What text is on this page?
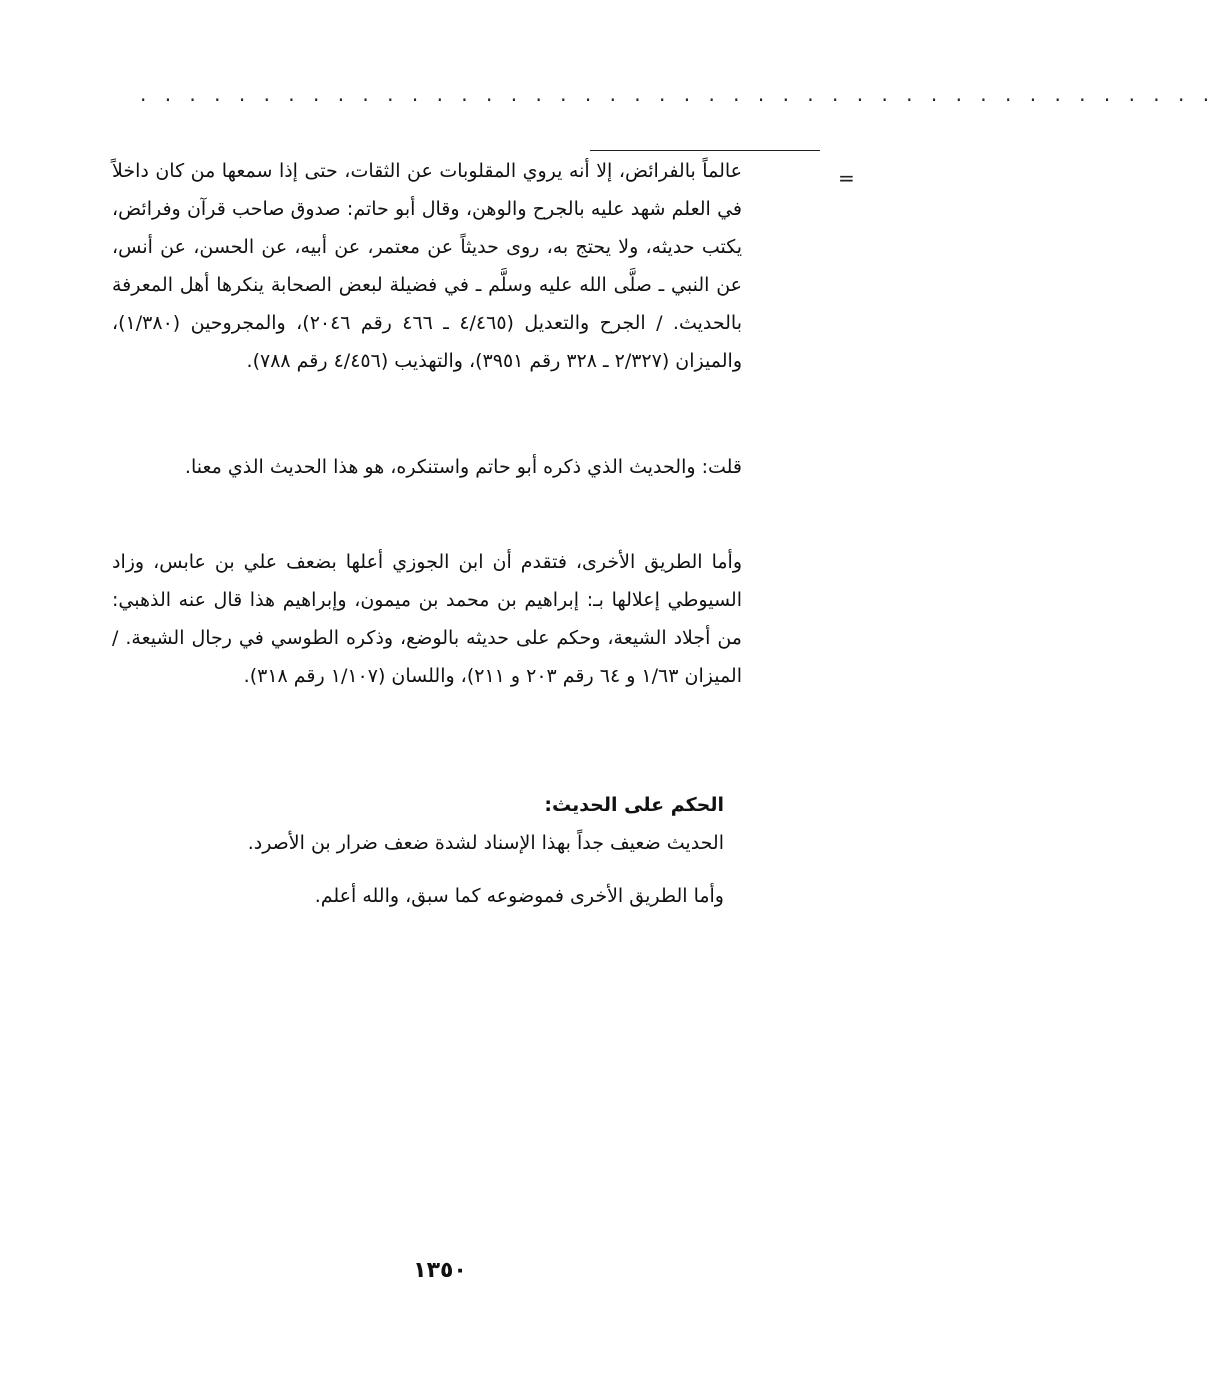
. . . . . . . . . . . . . . . . . . . . . . . . . . . . . . . . . . . . . . . . . . . .
=

عالماً بالفرائض، إلا أنه يروي المقلوبات عن الثقات، حتى إذا سمعها من كان داخلاً في العلم شهد عليه بالجرح والوهن، وقال أبو حاتم: صدوق صاحب قرآن وفرائض، يكتب حديثه، ولا يحتج به، روى حديثاً عن معتمر، عن أبيه، عن الحسن، عن أنس، عن النبي ـ صلَّى الله عليه وسلَّم ـ في فضيلة لبعض الصحابة ينكرها أهل المعرفة بالحديث. / الجرح والتعديل (٤/٤٦٥ ـ ٤٦٦ رقم ٢٠٤٦)، والمجروحين (١/٣٨٠)، والميزان (٢/٣٢٧ ـ ٣٢٨ رقم ٣٩٥١)، والتهذيب (٤/٤٥٦ رقم ٧٨٨).

قلت: والحديث الذي ذكره أبو حاتم واستنكره، هو هذا الحديث الذي معنا.

وأما الطريق الأخرى، فتقدم أن ابن الجوزي أعلها بضعف علي بن عابس، وزاد السيوطي إعلالها بـ: إبراهيم بن محمد بن ميمون، وإبراهيم هذا قال عنه الذهبي: من أجلاد الشيعة، وحكم على حديثه بالوضع، وذكره الطوسي في رجال الشيعة. / الميزان ١/٦٣ و ٦٤ رقم ٢٠٣ و ٢١١)، واللسان (١/١٠٧ رقم ٣١٨).

الحكم على الحديث:

الحديث ضعيف جداً بهذا الإسناد لشدة ضعف ضرار بن الأصرد.

وأما الطريق الأخرى فموضوعه كما سبق، والله أعلم.

١٣٥٠
